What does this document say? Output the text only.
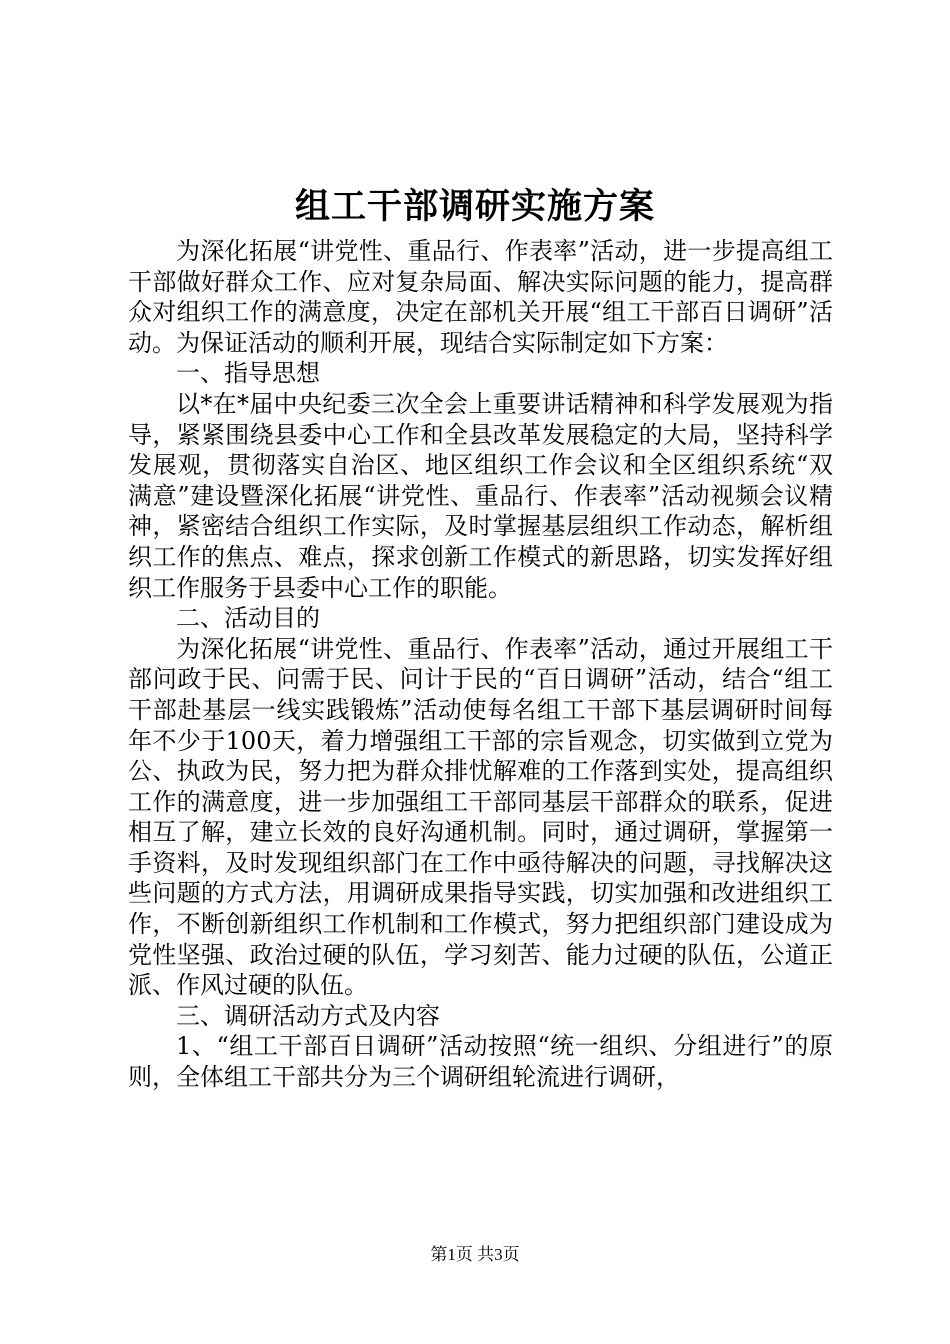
组工干部调研实施方案

为深化拓展“讲党性、重品行、作表率”活动，进一步提高组工干部做好群众工作、应对复杂局面、解决实际问题的能力，提高群众对组织工作的满意度，决定在部机关开展“组工干部百日调研”活动。为保证活动的顺利开展，现结合实际制定如下方案：

一、指导思想

以*在*届中央纪委三次全会上重要讲话精神和科学发展观为指导，紧紧围绕县委中心工作和全县改革发展稳定的大局，坚持科学发展观，贯彻落实自治区、地区组织工作会议和全区组织系统“双满意”建设暨深化拓展“讲党性、重品行、作表率”活动视频会议精神，紧密结合组织工作实际，及时掌握基层组织工作动态，解析组织工作的焦点、难点，探求创新工作模式的新思路，切实发挥好组织工作服务于县委中心工作的职能。

二、活动目的

为深化拓展“讲党性、重品行、作表率”活动，通过开展组工干部问政于民、问需于民、问计于民的“百日调研”活动，结合“组工干部赴基层一线实践锻炼”活动使每名组工干部下基层调研时间每年不少于100天，着力增强组工干部的宗旨观念，切实做到立党为公、执政为民，努力把为群众排忧解难的工作落到实处，提高组织工作的满意度，进一步加强组工干部同基层干部群众的联系，促进相互了解，建立长效的良好沟通机制。同时，通过调研，掌握第一手资料，及时发现组织部门在工作中亟待解决的问题，寻找解决这些问题的方式方法，用调研成果指导实践，切实加强和改进组织工作，不断创新组织工作机制和工作模式，努力把组织部门建设成为党性坚强、政治过硬的队伍，学习刻苦、能力过硬的队伍，公道正派、作风过硬的队伍。

三、调研活动方式及内容

1、“组工干部百日调研”活动按照“统一组织、分组进行”的原则，全体组工干部共分为三个调研组轮流进行调研，

第1页 共3页
